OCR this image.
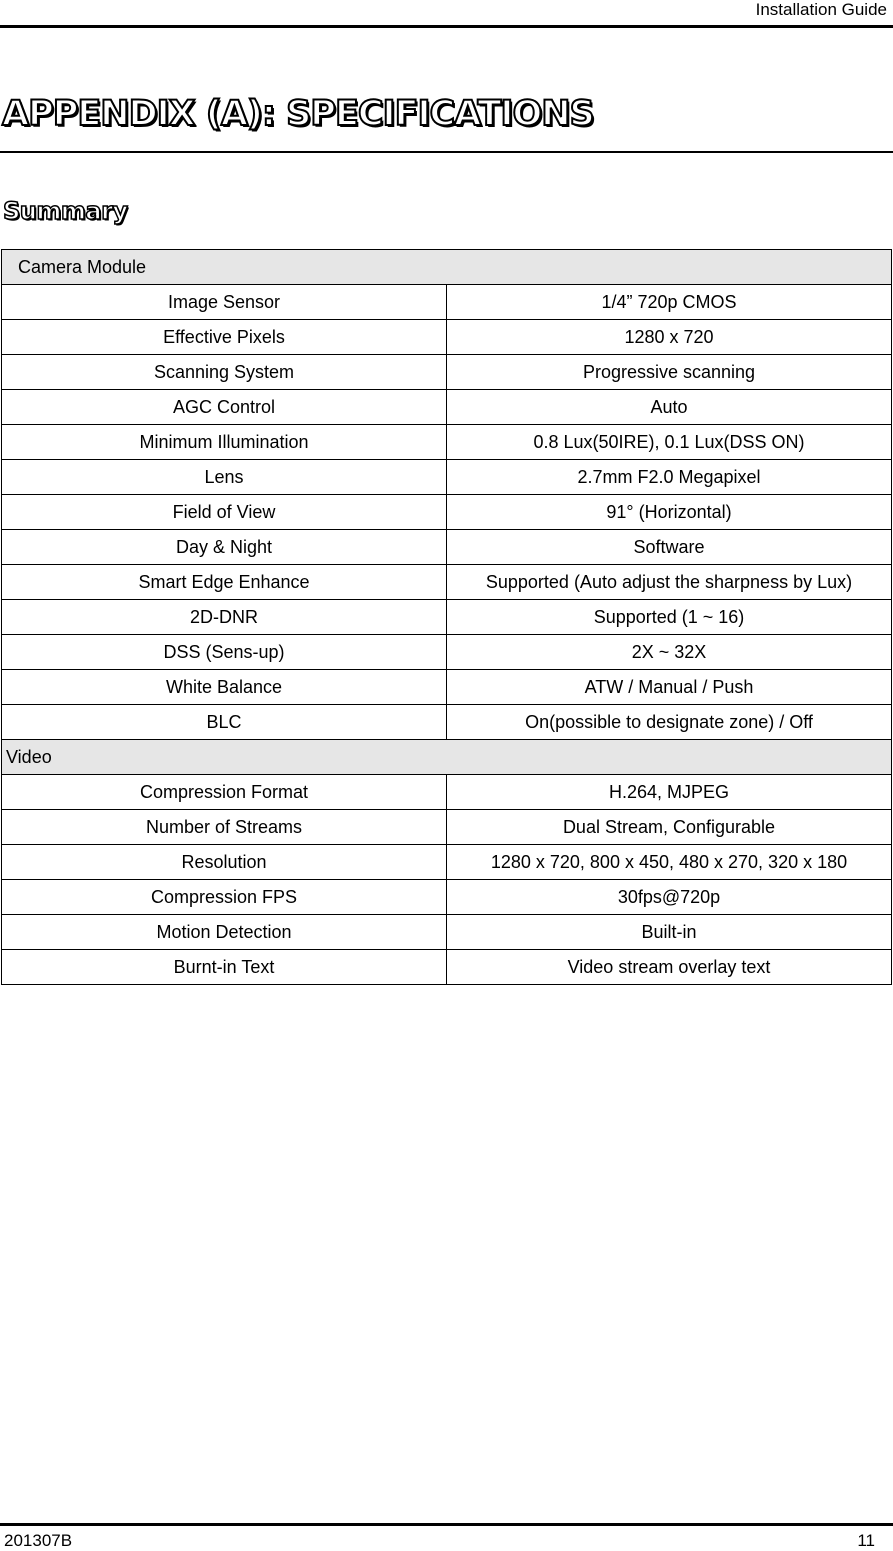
Installation Guide
APPENDIX (A): SPECIFICATIONS
Summary
Camera Module	
Image Sensor	1/4” 720p CMOS
Effective Pixels	1280 x 720
Scanning System	Progressive scanning
AGC Control	Auto
Minimum Illumination	0.8 Lux(50IRE), 0.1 Lux(DSS ON)
Lens	2.7mm F2.0 Megapixel
Field of View	91° (Horizontal)
Day & Night	Software
Smart Edge Enhance	Supported (Auto adjust the sharpness by Lux)
2D-DNR	Supported (1 ~ 16)
DSS (Sens-up)	2X ~ 32X
White Balance	ATW / Manual / Push
BLC	On(possible to designate zone) / Off
Video	
Compression Format	H.264, MJPEG
Number of Streams	Dual Stream, Configurable
Resolution	1280 x 720, 800 x 450, 480 x 270, 320 x 180
Compression FPS	30fps@720p
Motion Detection	Built-in
Burnt-in Text	Video stream overlay text
201307B	11
